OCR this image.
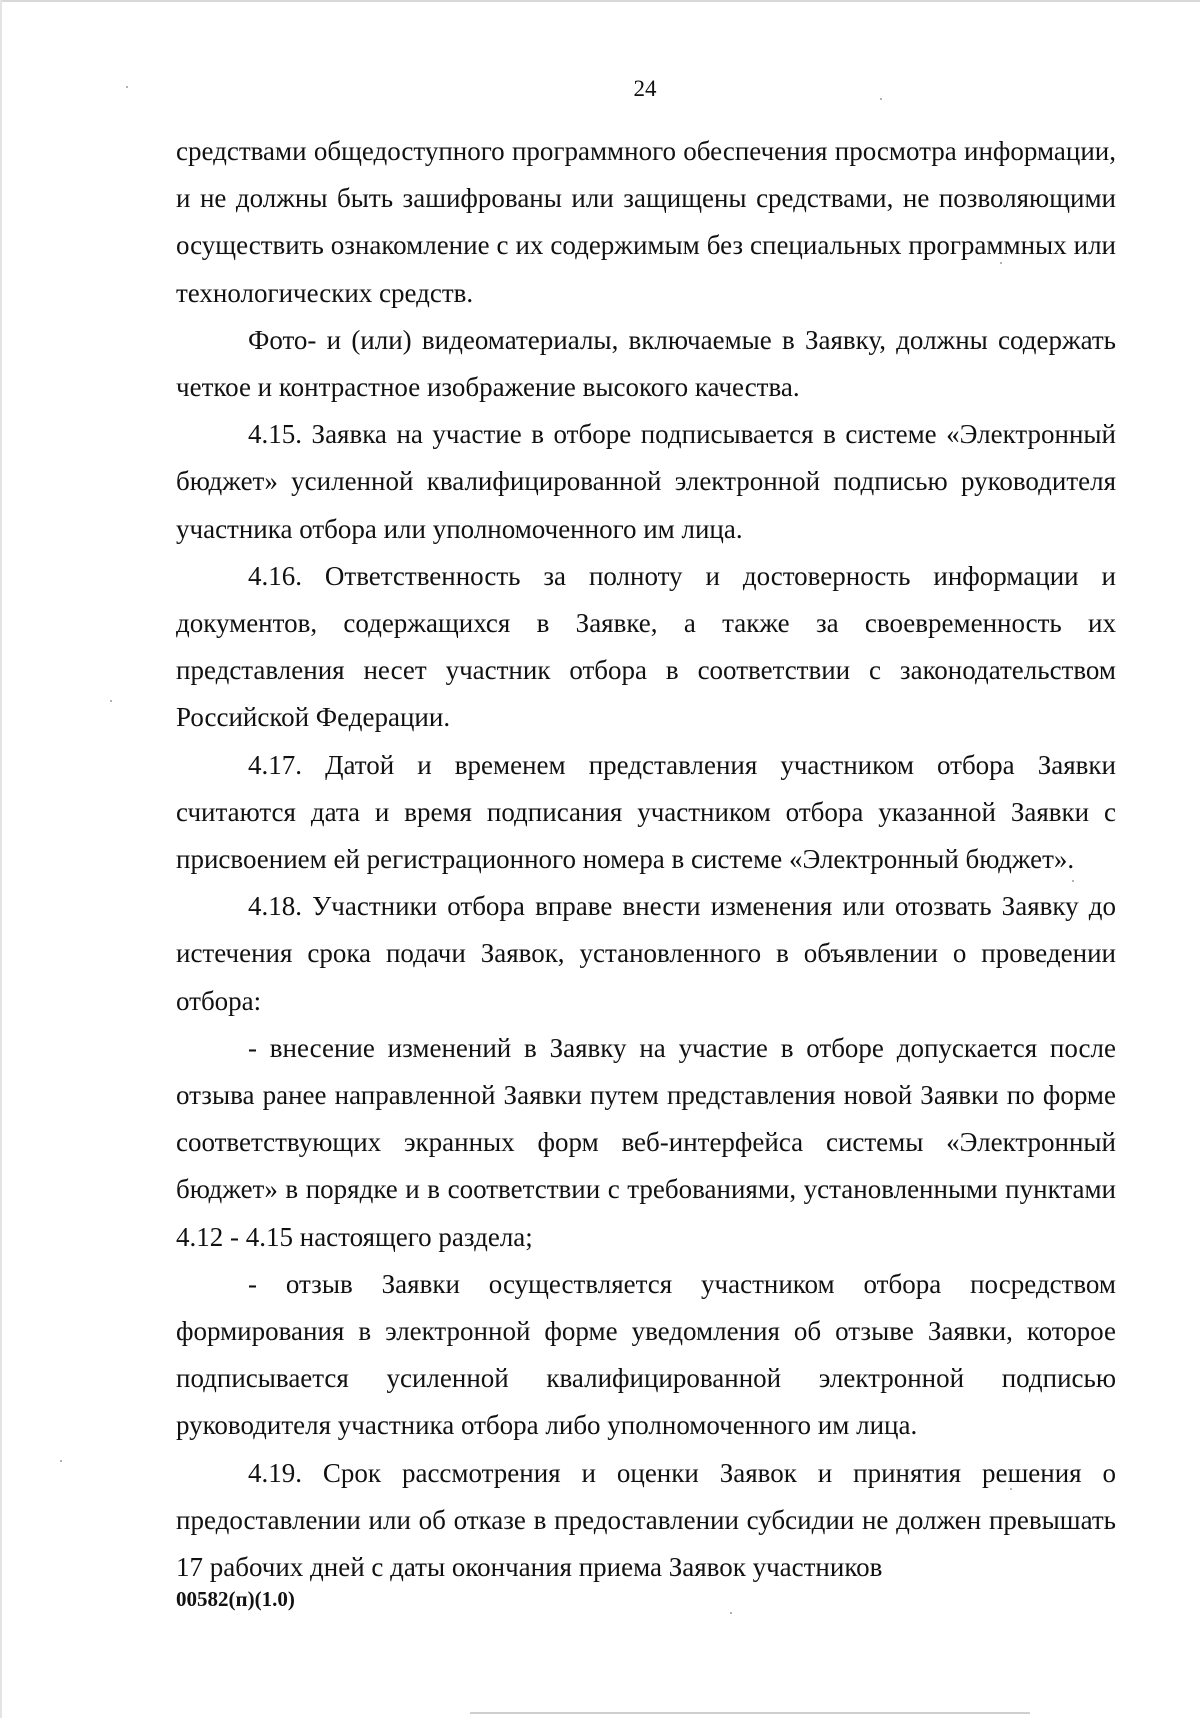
24

средствами общедоступного программного обеспечения просмотра информации, и не должны быть зашифрованы или защищены средствами, не позволяющими осуществить ознакомление с их содержимым без специальных программных или технологических средств.

Фото- и (или) видеоматериалы, включаемые в Заявку, должны содержать четкое и контрастное изображение высокого качества.

4.15. Заявка на участие в отборе подписывается в системе «Электронный бюджет» усиленной квалифицированной электронной подписью руководителя участника отбора или уполномоченного им лица.

4.16. Ответственность за полноту и достоверность информации и документов, содержащихся в Заявке, а также за своевременность их представления несет участник отбора в соответствии с законодательством Российской Федерации.

4.17. Датой и временем представления участником отбора Заявки считаются дата и время подписания участником отбора указанной Заявки с присвоением ей регистрационного номера в системе «Электронный бюджет».

4.18. Участники отбора вправе внести изменения или отозвать Заявку до истечения срока подачи Заявок, установленного в объявлении о проведении отбора:

- внесение изменений в Заявку на участие в отборе допускается после отзыва ранее направленной Заявки путем представления новой Заявки по форме соответствующих экранных форм веб-интерфейса системы «Электронный бюджет» в порядке и в соответствии с требованиями, установленными пунктами 4.12 - 4.15 настоящего раздела;

- отзыв Заявки осуществляется участником отбора посредством формирования в электронной форме уведомления об отзыве Заявки, которое подписывается усиленной квалифицированной электронной подписью руководителя участника отбора либо уполномоченного им лица.

4.19. Срок рассмотрения и оценки Заявок и принятия решения о предоставлении или об отказе в предоставлении субсидии не должен превышать 17 рабочих дней с даты окончания приема Заявок участников

00582(п)(1.0)
